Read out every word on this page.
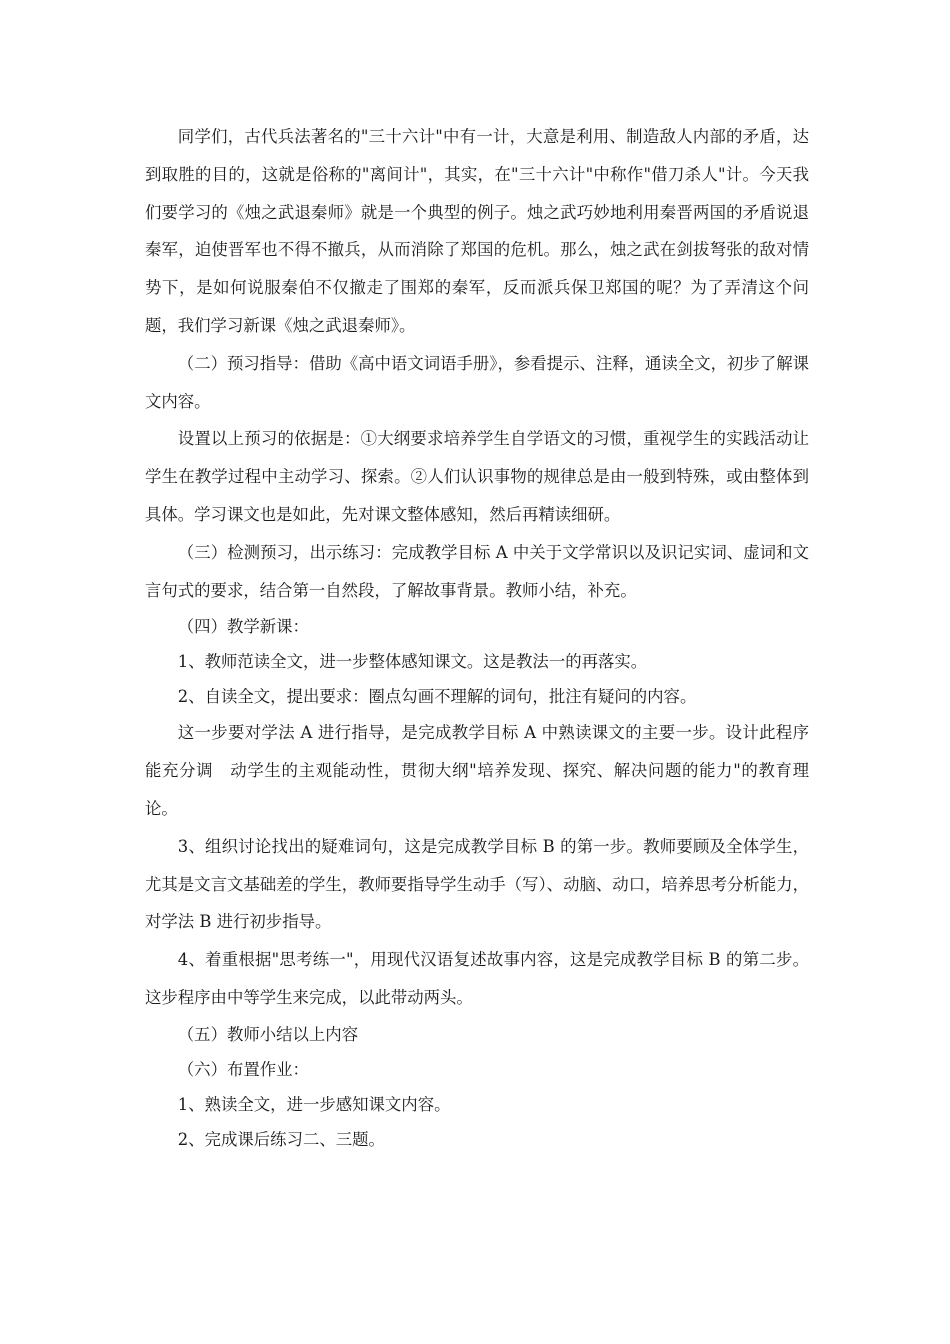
同学们，古代兵法著名的"三十六计"中有一计，大意是利用、制造敌人内部的矛盾，达到取胜的目的，这就是俗称的"离间计"，其实，在"三十六计"中称作"借刀杀人"计。今天我们要学习的《烛之武退秦师》就是一个典型的例子。烛之武巧妙地利用秦晋两国的矛盾说退秦军，迫使晋军也不得不撤兵，从而消除了郑国的危机。那么，烛之武在剑拔弩张的敌对情势下，是如何说服秦伯不仅撤走了围郑的秦军，反而派兵保卫郑国的呢？为了弄清这个问题，我们学习新课《烛之武退秦师》。

（二）预习指导：借助《高中语文词语手册》，参看提示、注释，通读全文，初步了解课文内容。

设置以上预习的依据是：①大纲要求培养学生自学语文的习惯，重视学生的实践活动让学生在教学过程中主动学习、探索。②人们认识事物的规律总是由一般到特殊，或由整体到具体。学习课文也是如此，先对课文整体感知，然后再精读细研。

（三）检测预习，出示练习：完成教学目标 A 中关于文学常识以及识记实词、虚词和文言句式的要求，结合第一自然段，了解故事背景。教师小结，补充。

（四）教学新课：

1、教师范读全文，进一步整体感知课文。这是教法一的再落实。

2、自读全文，提出要求：圈点勾画不理解的词句，批注有疑问的内容。

这一步要对学法 A 进行指导，是完成教学目标 A 中熟读课文的主要一步。设计此程序能充分调　动学生的主观能动性，贯彻大纲"培养发现、探究、解决问题的能力"的教育理论。

3、组织讨论找出的疑难词句，这是完成教学目标 B 的第一步。教师要顾及全体学生，尤其是文言文基础差的学生，教师要指导学生动手（写）、动脑、动口，培养思考分析能力，对学法 B 进行初步指导。

4、着重根据"思考练一"，用现代汉语复述故事内容，这是完成教学目标 B 的第二步。这步程序由中等学生来完成，以此带动两头。

（五）教师小结以上内容

（六）布置作业：

1、熟读全文，进一步感知课文内容。

2、完成课后练习二、三题。
